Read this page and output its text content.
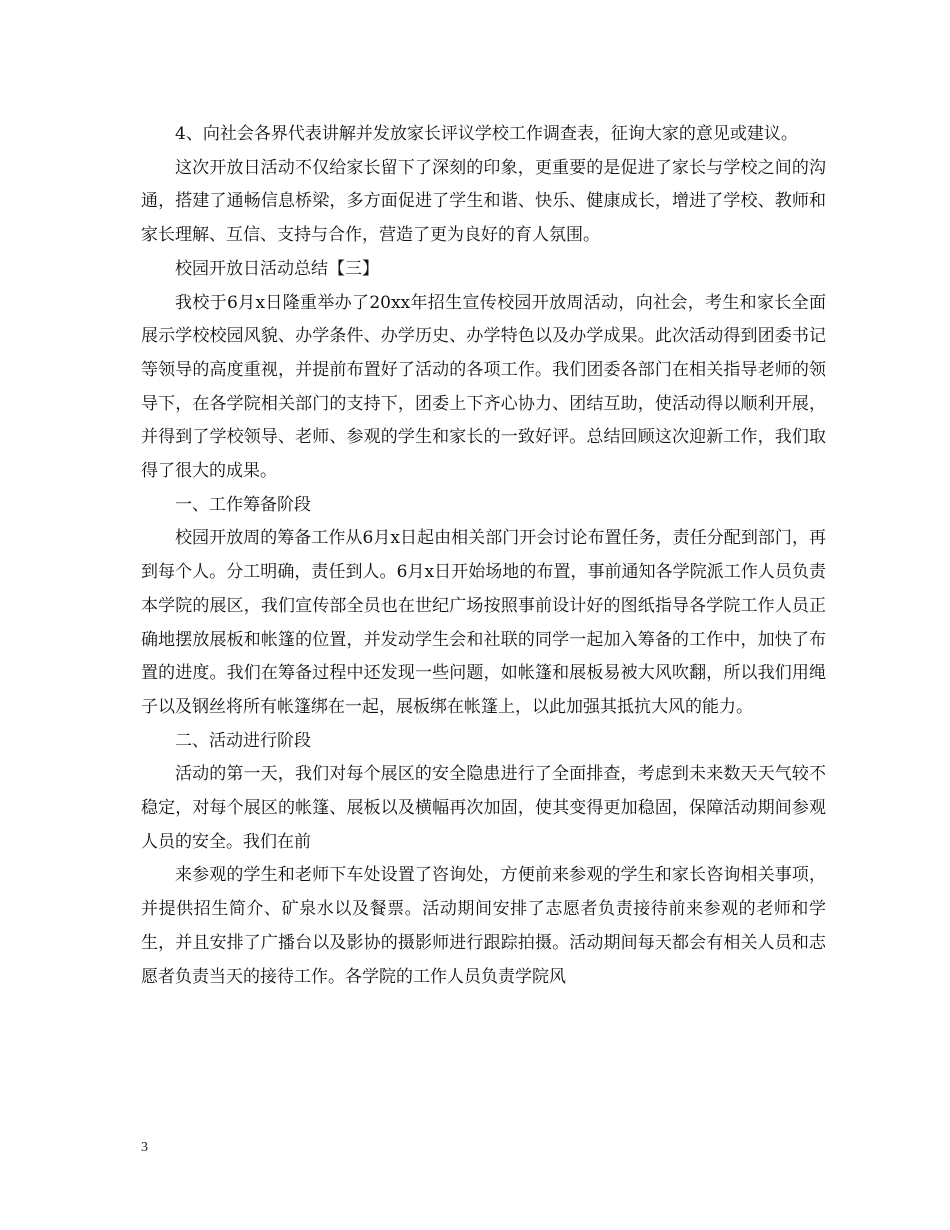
4、向社会各界代表讲解并发放家长评议学校工作调查表，征询大家的意见或建议。

这次开放日活动不仅给家长留下了深刻的印象，更重要的是促进了家长与学校之间的沟通，搭建了通畅信息桥梁，多方面促进了学生和谐、快乐、健康成长，增进了学校、教师和家长理解、互信、支持与合作，营造了更为良好的育人氛围。

校园开放日活动总结【三】

我校于6月x日隆重举办了20xx年招生宣传校园开放周活动，向社会，考生和家长全面展示学校校园风貌、办学条件、办学历史、办学特色以及办学成果。此次活动得到团委书记等领导的高度重视，并提前布置好了活动的各项工作。我们团委各部门在相关指导老师的领导下，在各学院相关部门的支持下，团委上下齐心协力、团结互助，使活动得以顺利开展，并得到了学校领导、老师、参观的学生和家长的一致好评。总结回顾这次迎新工作，我们取得了很大的成果。

一、工作筹备阶段

校园开放周的筹备工作从6月x日起由相关部门开会讨论布置任务，责任分配到部门，再到每个人。分工明确，责任到人。6月x日开始场地的布置，事前通知各学院派工作人员负责本学院的展区，我们宣传部全员也在世纪广场按照事前设计好的图纸指导各学院工作人员正确地摆放展板和帐篷的位置，并发动学生会和社联的同学一起加入筹备的工作中，加快了布置的进度。我们在筹备过程中还发现一些问题，如帐篷和展板易被大风吹翻，所以我们用绳子以及钢丝将所有帐篷绑在一起，展板绑在帐篷上，以此加强其抵抗大风的能力。

二、活动进行阶段

活动的第一天，我们对每个展区的安全隐患进行了全面排查，考虑到未来数天天气较不稳定，对每个展区的帐篷、展板以及横幅再次加固，使其变得更加稳固，保障活动期间参观人员的安全。我们在前

来参观的学生和老师下车处设置了咨询处，方便前来参观的学生和家长咨询相关事项，并提供招生简介、矿泉水以及餐票。活动期间安排了志愿者负责接待前来参观的老师和学生，并且安排了广播台以及影协的摄影师进行跟踪拍摄。活动期间每天都会有相关人员和志愿者负责当天的接待工作。各学院的工作人员负责学院风

3
